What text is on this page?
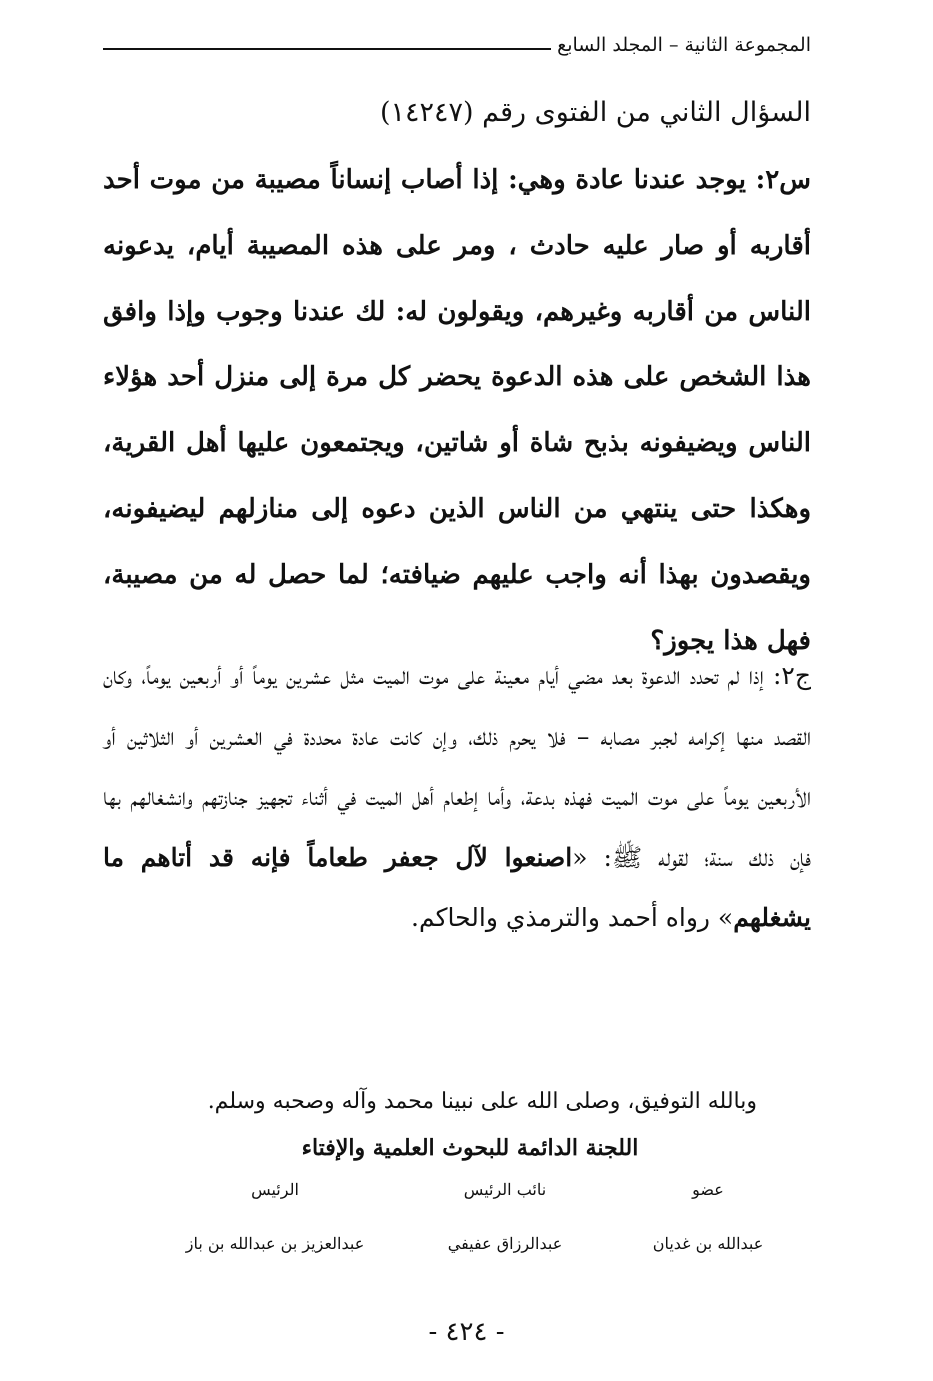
المجموعة الثانية – المجلد السابع
السؤال الثاني من الفتوى رقم (١٤٢٤٧)

س٢: يوجد عندنا عادة وهي: إذا أصاب إنساناً مصيبة من موت أحد أقاربه أو صار عليه حادث ، ومر على هذه المصيبة أيام، يدعونه الناس من أقاربه وغيرهم، ويقولون له: لك عندنا وجوب وإذا وافق هذا الشخص على هذه الدعوة يحضر كل مرة إلى منزل أحد هؤلاء الناس ويضيفونه بذبح شاة أو شاتين، ويجتمعون عليها أهل القرية، وهكذا حتى ينتهي من الناس الذين دعوه إلى منازلهم ليضيفونه، ويقصدون بهذا أنه واجب عليهم ضيافته؛ لما حصل له من مصيبة، فهل هذا يجوز؟

ج٢: إذا لم تحدد الدعوة بعد مضي أيام معينة على موت الميت مثل عشرين يوماً أو أربعين يوماً، وكان القصد منها إكرامه لجبر مصابه – فلا يحرم ذلك، وإن كانت عادة محددة في العشرين أو الثلاثين أو الأربعين يوماً على موت الميت فهذه بدعة، وأما إطعام أهل الميت في أثناء تجهيز جنازتهم وانشغالهم بها فإن ذلك سنة؛ لقوله ﷺ: «اصنعوا لآل جعفر طعاماً فإنه قد أتاهم ما يشغلهم» رواه أحمد والترمذي والحاكم.

وبالله التوفيق، وصلى الله على نبينا محمد وآله وصحبه وسلم.
اللجنة الدائمة للبحوث العلمية والإفتاء
عضو
عبدالله بن غديان
نائب الرئيس
عبدالرزاق عفيفي
الرئيس
عبدالعزيز بن عبدالله بن باز
- ٤٢٤ -
